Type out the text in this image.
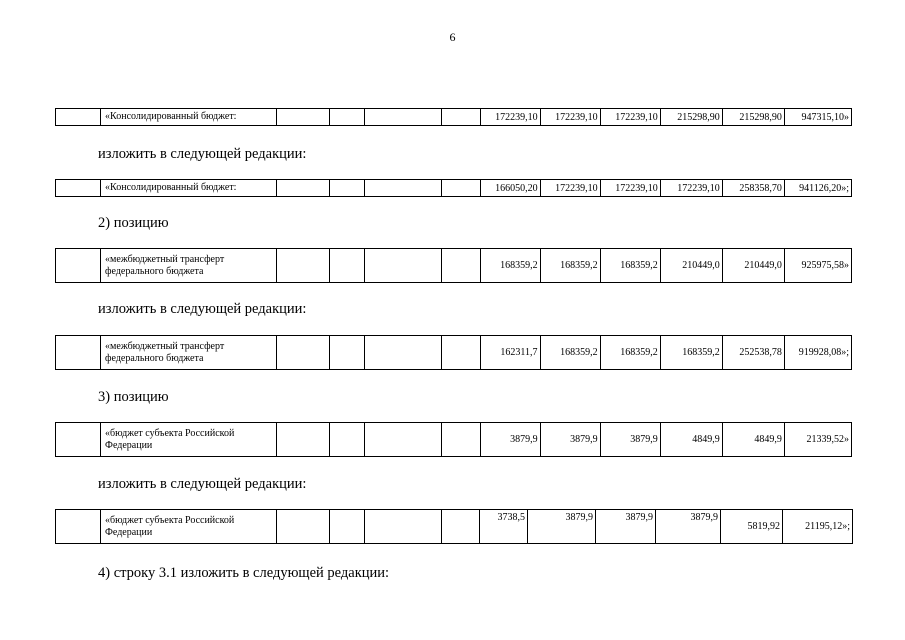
6
	«Консолидированный бюджет:					172239,10	172239,10	172239,10	215298,90	215298,90	947315,10»
изложить в следующей редакции:
	«Консолидированный бюджет:					166050,20	172239,10	172239,10	172239,10	258358,70	941126,20»;
2) позицию
	«межбюджетный трансферт федерального бюджета					168359,2	168359,2	168359,2	210449,0	210449,0	925975,58»
изложить в следующей редакции:
	«межбюджетный трансферт федерального бюджета					162311,7	168359,2	168359,2	168359,2	252538,78	919928,08»;
3) позицию
	«бюджет субъекта Российской Федерации					3879,9	3879,9	3879,9	4849,9	4849,9	21339,52»
изложить в следующей редакции:
	«бюджет субъекта Российской Федерации					3738,5	3879,9	3879,9	3879,9	5819,92	21195,12»;
4) строку 3.1 изложить в следующей редакции:
